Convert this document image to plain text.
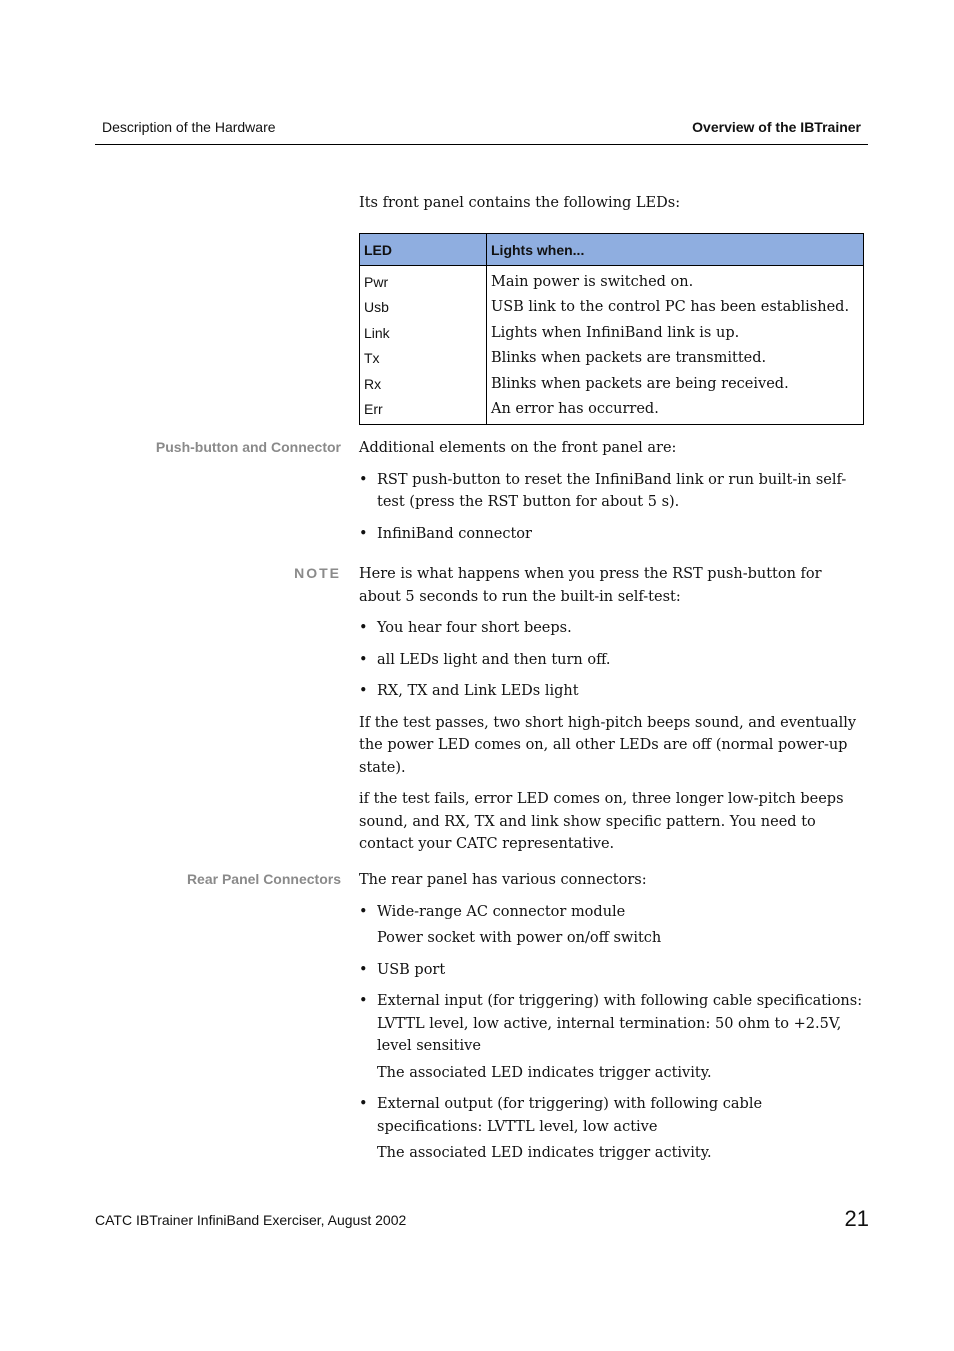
Description of the Hardware	Overview of the IBTrainer
Its front panel contains the following LEDs:
LED	Lights when...
Pwr	Main power is switched on.
Usb	USB link to the control PC has been established.
Link	Lights when InfiniBand link is up.
Tx	Blinks when packets are transmitted.
Rx	Blinks when packets are being received.
Err	An error has occurred.
Push-button and Connector Additional elements on the front panel are:

• RST push-button to reset the InfiniBand link or run built-in self-test (press the RST button for about 5 s).
• InfiniBand connector
NOTE Here is what happens when you press the RST push-button for about 5 seconds to run the built-in self-test:

• You hear four short beeps.
• all LEDs light and then turn off.
• RX, TX and Link LEDs light

If the test passes, two short high-pitch beeps sound, and eventually the power LED comes on, all other LEDs are off (normal power-up state).

if the test fails, error LED comes on, three longer low-pitch beeps sound, and RX, TX and link show specific pattern. You need to contact your CATC representative.

Rear Panel Connectors The rear panel has various connectors:

• Wide-range AC connector module
Power socket with power on/off switch
• USB port
• External input (for triggering) with following cable specifications: LVTTL level, low active, internal termination: 50 ohm to +2.5V, level sensitive
The associated LED indicates trigger activity.
• External output (for triggering) with following cable specifications: LVTTL level, low active
The associated LED indicates trigger activity.
CATC IBTrainer InfiniBand Exerciser, August 2002	21
